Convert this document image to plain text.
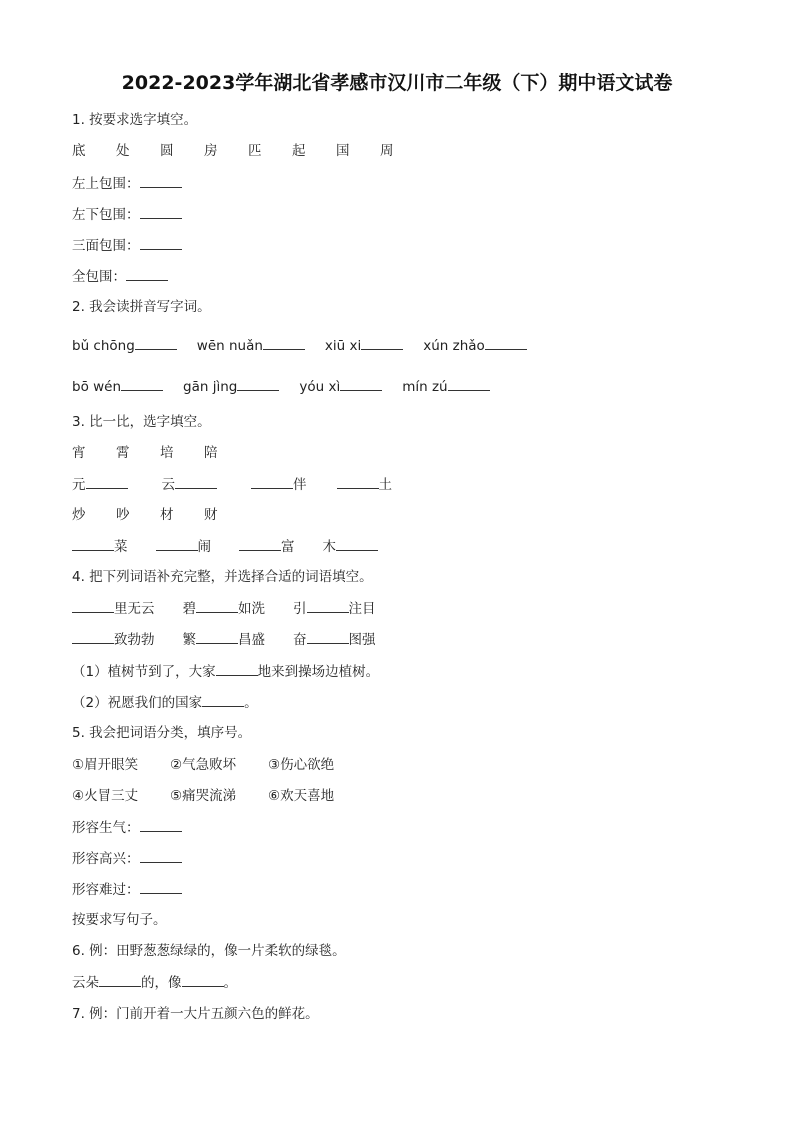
2022-2023学年湖北省孝感市汉川市二年级（下）期中语文试卷
1. 按要求选字填空。
底 处 圆 房 匹 起 国 周
左上包围：
左下包围：
三面包围：
全包围：
2. 我会读拼音写字词。
bǔ chōng	wēn nuǎn	xiū xi	xún zhǎo
bō wén	gān jìng	yóu xì	mín zú
3. 比一比，选字填空。
宵 霄 培 陪
元	云	伴	土
炒 吵 材 财
菜	闹	富 木
4. 把下列词语补充完整，并选择合适的词语填空。
里无云 碧	如洗 引	注目
致勃勃 繁	昌盛 奋	图强
（1）植树节到了，大家	地来到操场边植树。
（2）祝愿我们的国家	。
5. 我会把词语分类，填序号。
①眉开眼笑 ②气急败坏 ③伤心欲绝
④火冒三丈 ⑤痛哭流涕 ⑥欢天喜地
形容生气：
形容高兴：
形容难过：
按要求写句子。
6. 例：田野葱葱绿绿的，像一片柔软的绿毯。
云朵	的，像	。
7. 例：门前开着一大片五颜六色的鲜花。
